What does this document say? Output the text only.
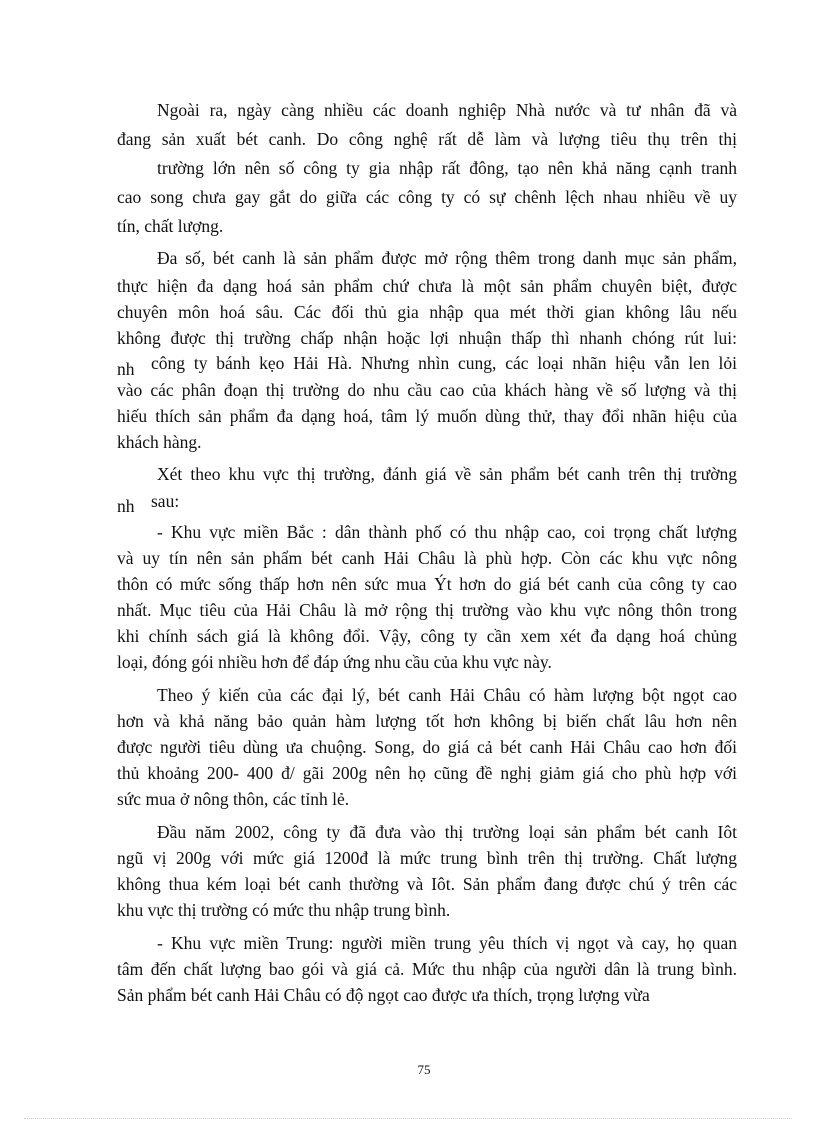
Ngoài ra, ngày càng nhiều các doanh nghiệp Nhà nước và tư nhân đã và
đang sản xuất bét canh. Do công nghệ rất dễ làm và lượng tiêu thụ trên thị
trường lớn nên số công ty gia nhập rất đông, tạo nên khả năng cạnh tranh
cao song chưa gay gắt do giữa các công ty có sự chênh lệch nhau nhiều về uy
tín, chất lượng.
Đa số, bét canh là sản phẩm được mở rộng thêm trong danh mục sản phẩm,
thực hiện đa dạng hoá sản phẩm chứ chưa là một sản phẩm chuyên biệt, được
chuyên môn hoá sâu. Các đối thủ gia nhập qua mét thời gian không lâu nếu
không được thị trường chấp nhận hoặc lợi nhuận thấp thì nhanh chóng rút lui:
nh công ty bánh kẹo Hải Hà. Nhưng nhìn cung, các loại nhãn hiệu vẫn len lỏi
vào các phân đoạn thị trường do nhu cầu cao của khách hàng về số lượng và thị
hiếu thích sản phẩm đa dạng hoá, tâm lý muốn dùng thử, thay đổi nhãn hiệu của
khách hàng.
Xét theo khu vực thị trường, đánh giá về sản phẩm bét canh trên thị trường
nh sau:
- Khu vực miền Bắc : dân thành phố có thu nhập cao, coi trọng chất lượng
và uy tín nên sản phẩm bét canh Hải Châu là phù hợp. Còn các khu vực nông
thôn có mức sống thấp hơn nên sức mua Ýt hơn do giá bét canh của công ty cao
nhất. Mục tiêu của Hải Châu là mở rộng thị trường vào khu vực nông thôn trong
khi chính sách giá là không đổi. Vậy, công ty cần xem xét đa dạng hoá chủng
loại, đóng gói nhiều hơn để đáp ứng nhu cầu của khu vực này.
Theo ý kiến của các đại lý, bét canh Hải Châu có hàm lượng bột ngọt cao
hơn và khả năng bảo quản hàm lượng tốt hơn không bị biến chất lâu hơn nên
được người tiêu dùng ưa chuộng. Song, do giá cả bét canh Hải Châu cao hơn đối
thủ khoảng 200- 400 đ/ gãi 200g nên họ cũng đề nghị giảm giá cho phù hợp với
sức mua ở nông thôn, các tỉnh lẻ.
Đầu năm 2002, công ty đã đưa vào thị trường loại sản phẩm bét canh Iôt
ngũ vị 200g với mức giá 1200đ là mức trung bình trên thị trường. Chất lượng
không thua kém loại bét canh thường và Iôt. Sản phẩm đang được chú ý trên các
khu vực thị trường có mức thu nhập trung bình.
- Khu vực miền Trung: người miền trung yêu thích vị ngọt và cay, họ quan
tâm đến chất lượng bao gói và giá cả. Mức thu nhập của người dân là trung bình.
Sản phẩm bét canh Hải Châu có độ ngọt cao được ưa thích, trọng lượng vừa
75
